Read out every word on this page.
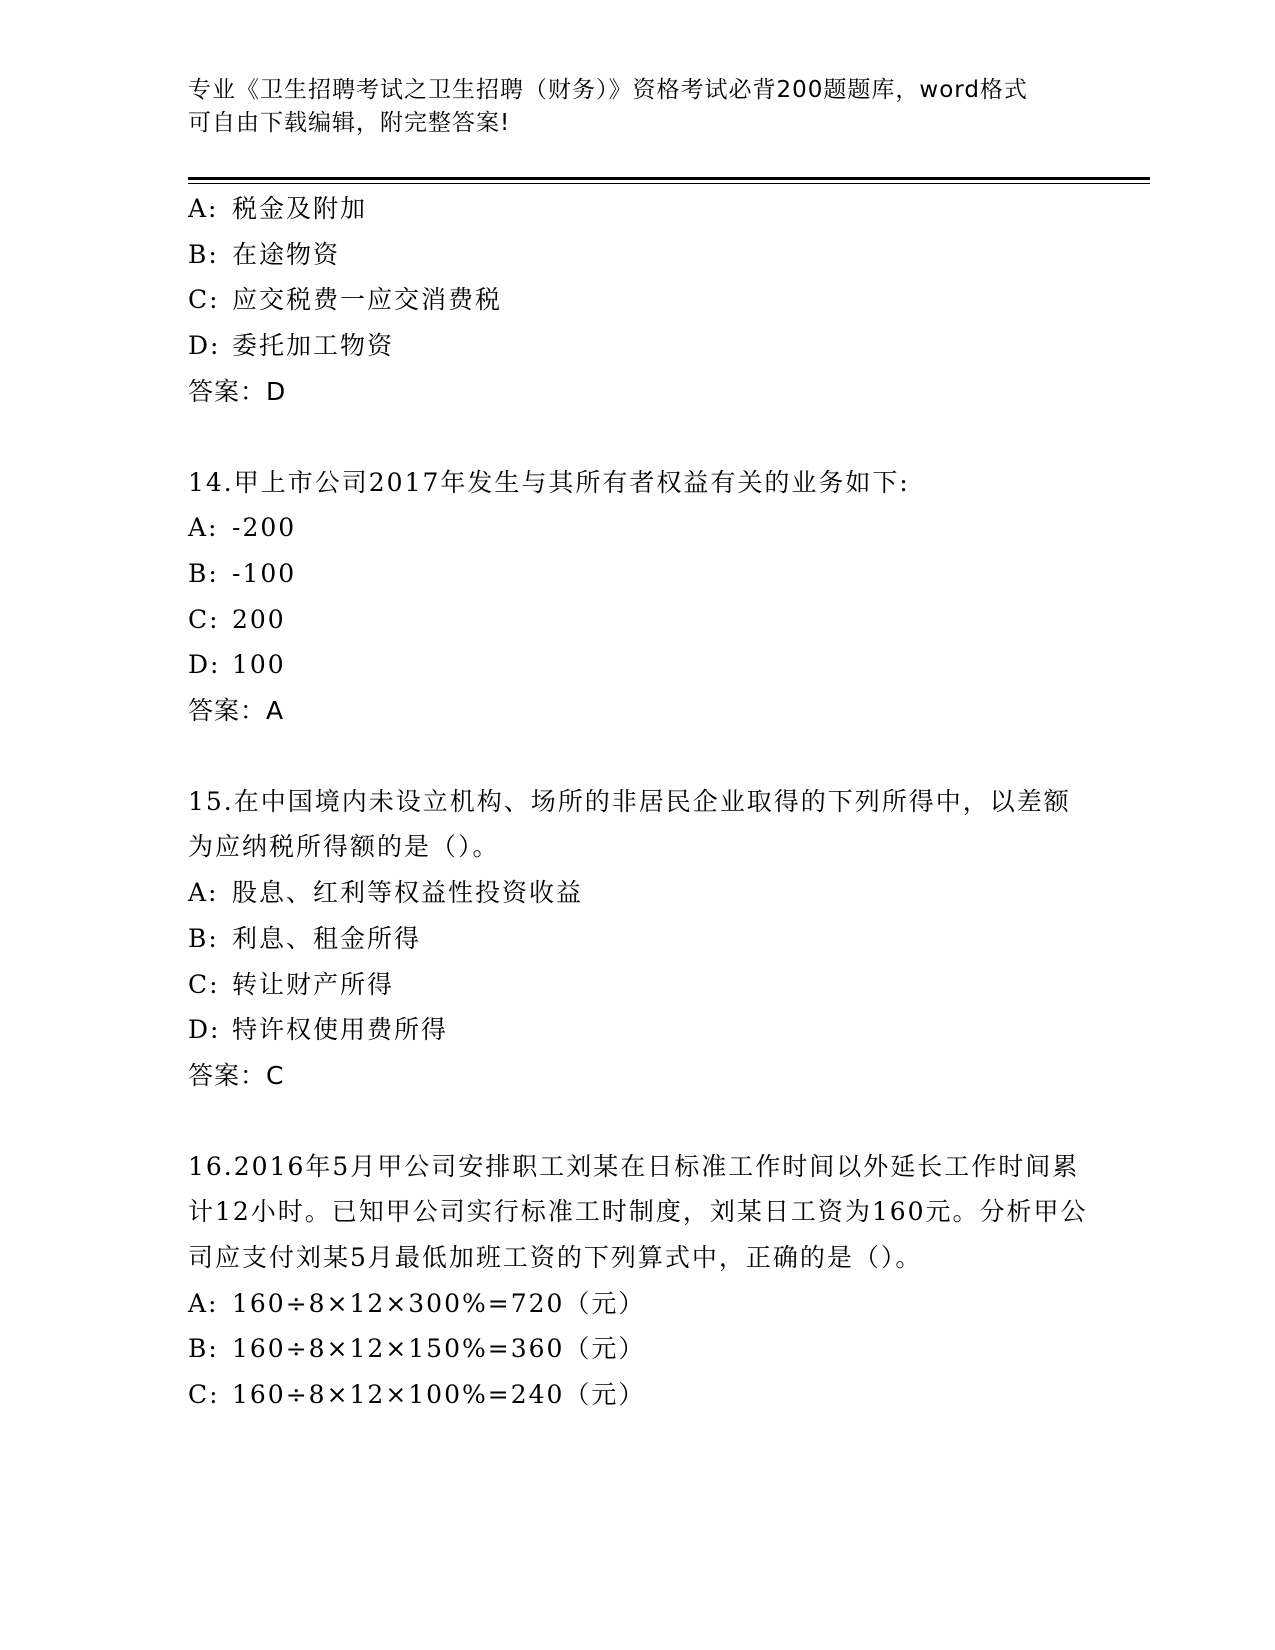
专业《卫生招聘考试之卫生招聘（财务）》资格考试必背200题题库，word格式
可自由下载编辑，附完整答案!
A: 税金及附加
B: 在途物资
C: 应交税费一应交消费税
D: 委托加工物资
答案：D
14.甲上市公司2017年发生与其所有者权益有关的业务如下:
A: -200
B: -100
C: 200
D: 100
答案：A
15.在中国境内未设立机构、场所的非居民企业取得的下列所得中，以差额为应纳税所得额的是（）。
A: 股息、红利等权益性投资收益
B: 利息、租金所得
C: 转让财产所得
D: 特许权使用费所得
答案：C
16.2016年5月甲公司安排职工刘某在日标准工作时间以外延长工作时间累计12小时。已知甲公司实行标准工时制度，刘某日工资为160元。分析甲公司应支付刘某5月最低加班工资的下列算式中，正确的是（）。
A: 160÷8×12×300%=720（元）
B: 160÷8×12×150%=360（元）
C: 160÷8×12×100%=240（元）
